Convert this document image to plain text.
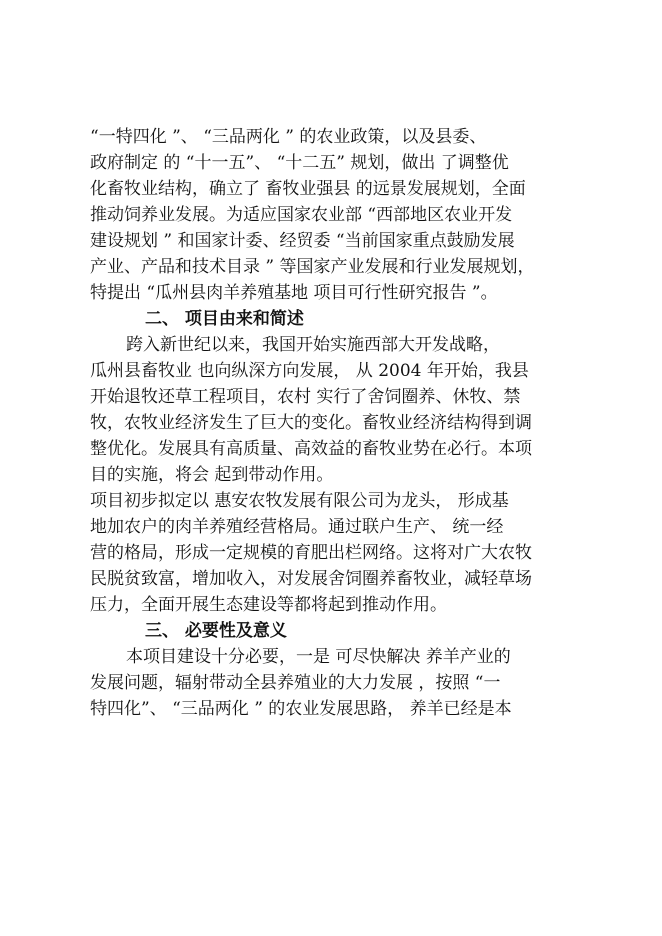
“一特四化 ”、 “三品两化 ” 的农业政策，以及县委、
政府制定 的 “十一五”、 “十二五” 规划，做出 了调整优
化畜牧业结构，确立了 畜牧业强县 的远景发展规划，全面
推动饲养业发展。为适应国家农业部 “西部地区农业开发
建设规划 ” 和国家计委、经贸委 “当前国家重点鼓励发展
产业、产品和技术目录 ” 等国家产业发展和行业发展规划，
特提出 “瓜州县肉羊养殖基地 项目可行性研究报告 ”。
二、 项目由来和简述
跨入新世纪以来，我国开始实施西部大开发战略，
瓜州县畜牧业 也向纵深方向发展， 从 2004 年开始，我县
开始退牧还草工程项目，农村 实行了舍饲圈养、休牧、禁
牧，农牧业经济发生了巨大的变化。畜牧业经济结构得到调
整优化。发展具有高质量、高效益的畜牧业势在必行。本项
目的实施，将会 起到带动作用。
项目初步拟定以 惠安农牧发展有限公司为龙头， 形成基
地加农户的肉羊养殖经营格局。通过联户生产、 统一经
营的格局，形成一定规模的育肥出栏网络。这将对广大农牧
民脱贫致富，增加收入，对发展舍饲圈养畜牧业，减轻草场
压力，全面开展生态建设等都将起到推动作用。
三、 必要性及意义
本项目建设十分必要，一是 可尽快解决 养羊产业的
发展问题，辐射带动全县养殖业的大力发展 ，按照 “一
特四化”、 “三品两化 ” 的农业发展思路， 养羊已经是本
